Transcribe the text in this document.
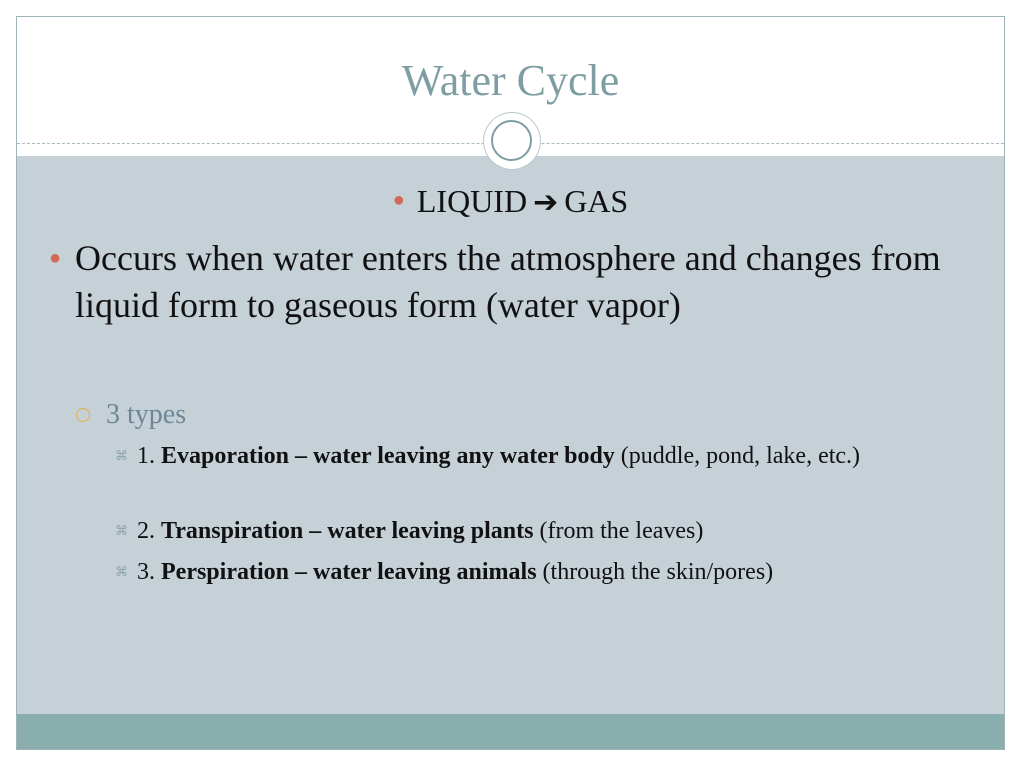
Water Cycle
● LIQUID ➔ GAS
● Occurs when water enters the atmosphere and changes from liquid form to gaseous form (water vapor)
3 types
⌘ 1. Evaporation – water leaving any water body (puddle, pond, lake, etc.)
⌘ 2. Transpiration – water leaving plants (from the leaves)
⌘ 3. Perspiration – water leaving animals (through the skin/pores)
